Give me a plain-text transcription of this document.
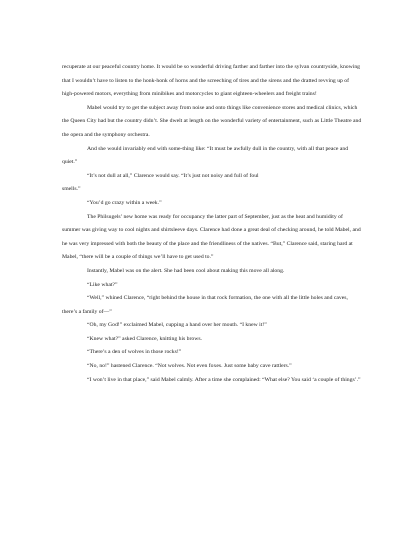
recuperate at our peaceful country home. It would be so wonderful driving farther and farther into the sylvan countryside, knowing that I wouldn’t have to listen to the honk-honk of horns and the screeching of tires and the sirens and the dratted revving up of high-powered motors, everything from minibikes and motorcycles to giant eighteen-wheelers and freight trains!

Mabel would try to get the subject away from noise and onto things like convenience stores and medical clinics, which the Queen City had but the country didn’t. She dwelt at length on the wonderful variety of entertainment, such as Little Theatre and the opera and the symphony orchestra.

And she would invariably end with some-thing like: “It must be awfully dull in the country, with all that peace and quiet.”

“It’s not dull at all,” Clarence would say. “It’s just not noisy and full of foul

smells.”

“You’d go crazy within a week.”

The Philsugels’ new home was ready for occupancy the latter part of September, just as the heat and humidity of summer was giving way to cool nights and shirtsleeve days. Clarence had done a great deal of checking around, he told Mabel, and he was very impressed with both the beauty of the place and the friendliness of the natives. “But,” Clarence said, staring hard at Mabel, “there will be a couple of things we’ll have to get used to.”

Instantly, Mabel was on the alert. She had been cool about making this move all along.

“Like what?”

“Well,” whined Clarence, “right behind the house in that rock formation, the one with all the little holes and caves, there’s a family of—”

“Oh, my God!” exclaimed Mabel, cupping a hand over her mouth. “I knew it!”

“Knew what?” asked Clarence, knitting his brows.

“There’s a den of wolves in those rocks!”

“No, no!” hastened Clarence. “Not wolves. Not even foxes. Just some baby cave rattlers.”

“I won’t live in that place,” said Mabel calmly. After a time she complained: “What else? You said ‘a couple of things’.”
